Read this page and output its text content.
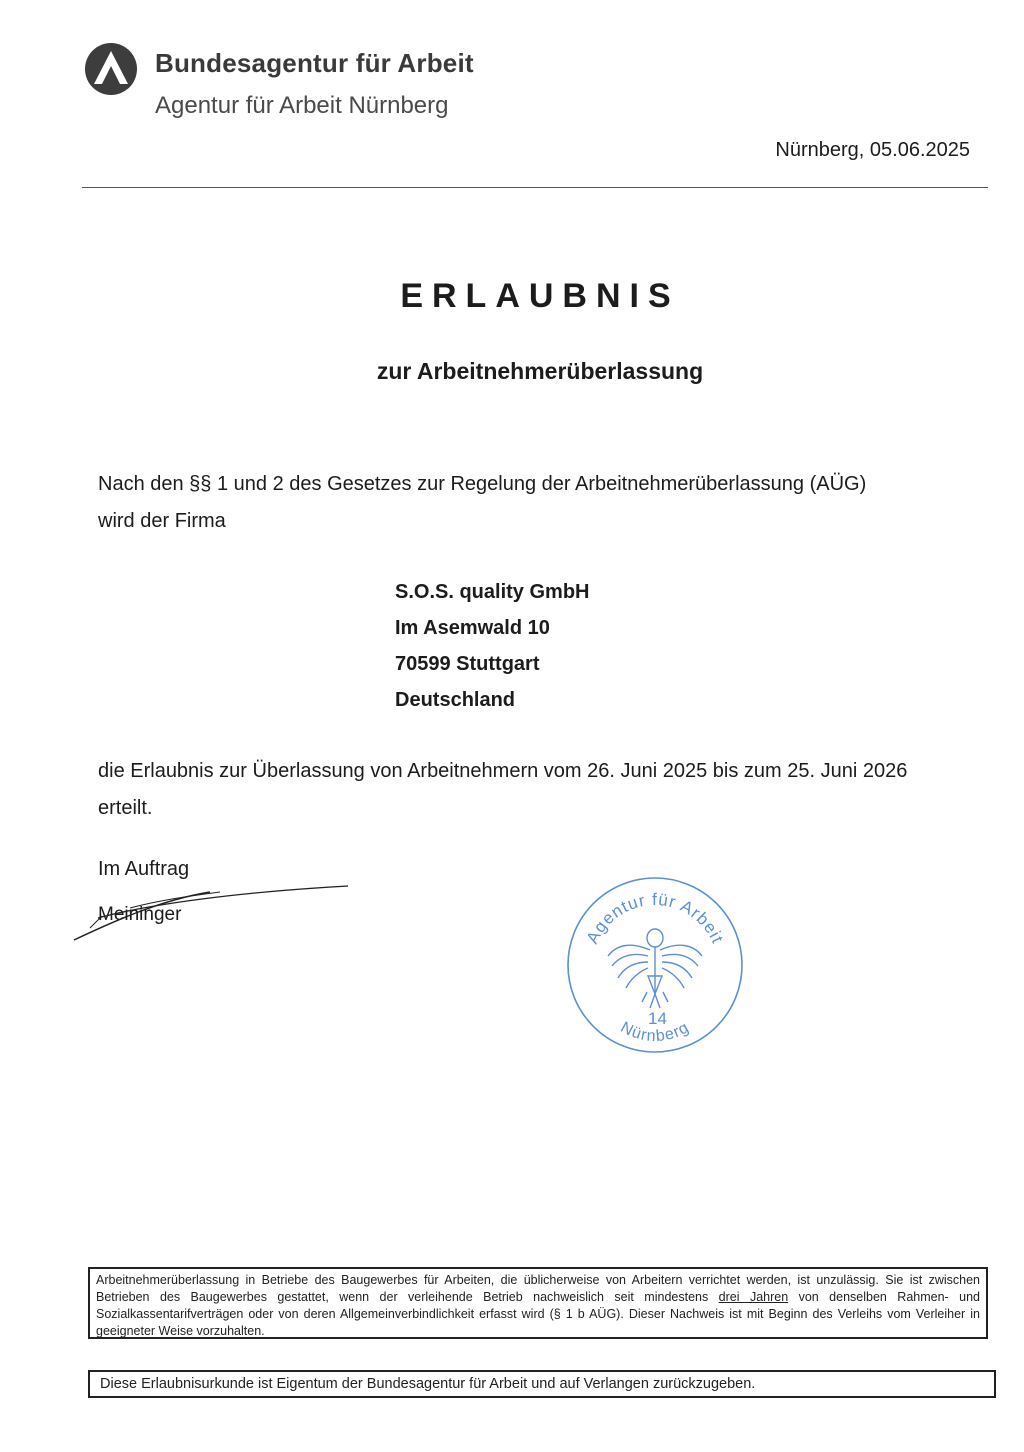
Bundesagentur für Arbeit
Agentur für Arbeit Nürnberg
Nürnberg, 05.06.2025
ERLAUBNIS
zur Arbeitnehmerüberlassung
Nach den §§ 1 und 2 des Gesetzes zur Regelung der Arbeitnehmerüberlassung (AÜG)
wird der Firma
S.O.S. quality GmbH
Im Asemwald 10
70599 Stuttgart
Deutschland
die Erlaubnis zur Überlassung von Arbeitnehmern vom 26. Juni 2025 bis zum 25. Juni 2026
erteilt.
Im Auftrag
Meininger
Agentur für Arbeit
14
Nürnberg
Arbeitnehmerüberlassung in Betriebe des Baugewerbes für Arbeiten, die üblicherweise von Arbeitern verrichtet werden, ist unzulässig. Sie ist zwischen Betrieben des Baugewerbes gestattet, wenn der verleihende Betrieb nachweislich seit mindestens drei Jahren von denselben Rahmen- und Sozialkassentarifverträgen oder von deren Allgemeinverbindlichkeit erfasst wird (§ 1 b AÜG). Dieser Nachweis ist mit Beginn des Verleihs vom Verleiher in geeigneter Weise vorzuhalten.
Diese Erlaubnisurkunde ist Eigentum der Bundesagentur für Arbeit und auf Verlangen zurückzugeben.
